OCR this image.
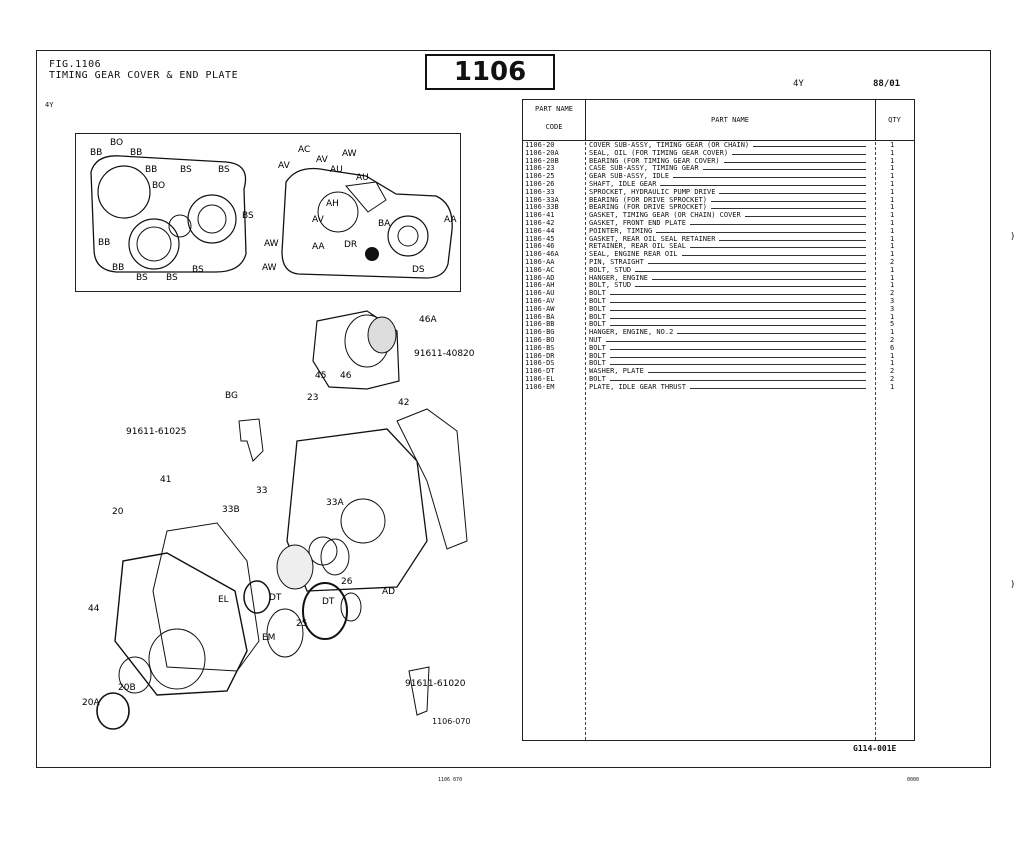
FIG.1106
TIMING GEAR COVER & END PLATE
4Y
1106	4Y	88/01
1106-070
PART NAME
CODE
PART NAME	QTY
1106-20	COVER SUB-ASSY, TIMING GEAR (OR CHAIN)	1
1106-20A	SEAL, OIL (FOR TIMING GEAR COVER)	1
1106-20B	BEARING (FOR TIMING GEAR COVER)	1
1106-23	CASE SUB-ASSY, TIMING GEAR	1
1106-25	GEAR SUB-ASSY, IDLE	1
1106-26	SHAFT, IDLE GEAR	1
1106-33	SPROCKET, HYDRAULIC PUMP DRIVE	1
1106-33A	BEARING (FOR DRIVE SPROCKET)	1
1106-33B	BEARING (FOR DRIVE SPROCKET)	1
1106-41	GASKET, TIMING GEAR (OR CHAIN) COVER	1
1106-42	GASKET, FRONT END PLATE	1
1106-44	POINTER, TIMING	1
1106-45	GASKET, REAR OIL SEAL RETAINER	1
1106-46	RETAINER, REAR OIL SEAL	1
1106-46A	SEAL, ENGINE REAR OIL	1
1106-AA	PIN, STRAIGHT	2
1106-AC	BOLT, STUD	1
1106-AD	HANGER, ENGINE	1
1106-AH	BOLT, STUD	1
1106-AU	BOLT	2
1106-AV	BOLT	3
1106-AW	BOLT	3
1106-BA	BOLT	1
1106-BB	BOLT	5
1106-BG	HANGER, ENGINE, NO.2	1
1106-BO	NUT	2
1106-BS	BOLT	6
1106-DR	BOLT	1
1106-DS	BOLT	1
1106-DT	WASHER, PLATE	2
1106-EL	BOLT	2
1106-EM	PLATE, IDLE GEAR THRUST	1
G114-001E
1106 070	0000
)
)
BB
BO
BB
BB
BO
BS	BS
BS
BB
BB
BS BS
BS
AV
AC
AV
AW
AU
AU
AH
BA	AA
AV
AW	DR
AA
AW	DS
46A
91611-40820
45 46
BG	23	42
91611-61025
33
33A
41
33B
20
26
DT
EL
25
DT
EM
AD
44
91611-61020
20B
20A
